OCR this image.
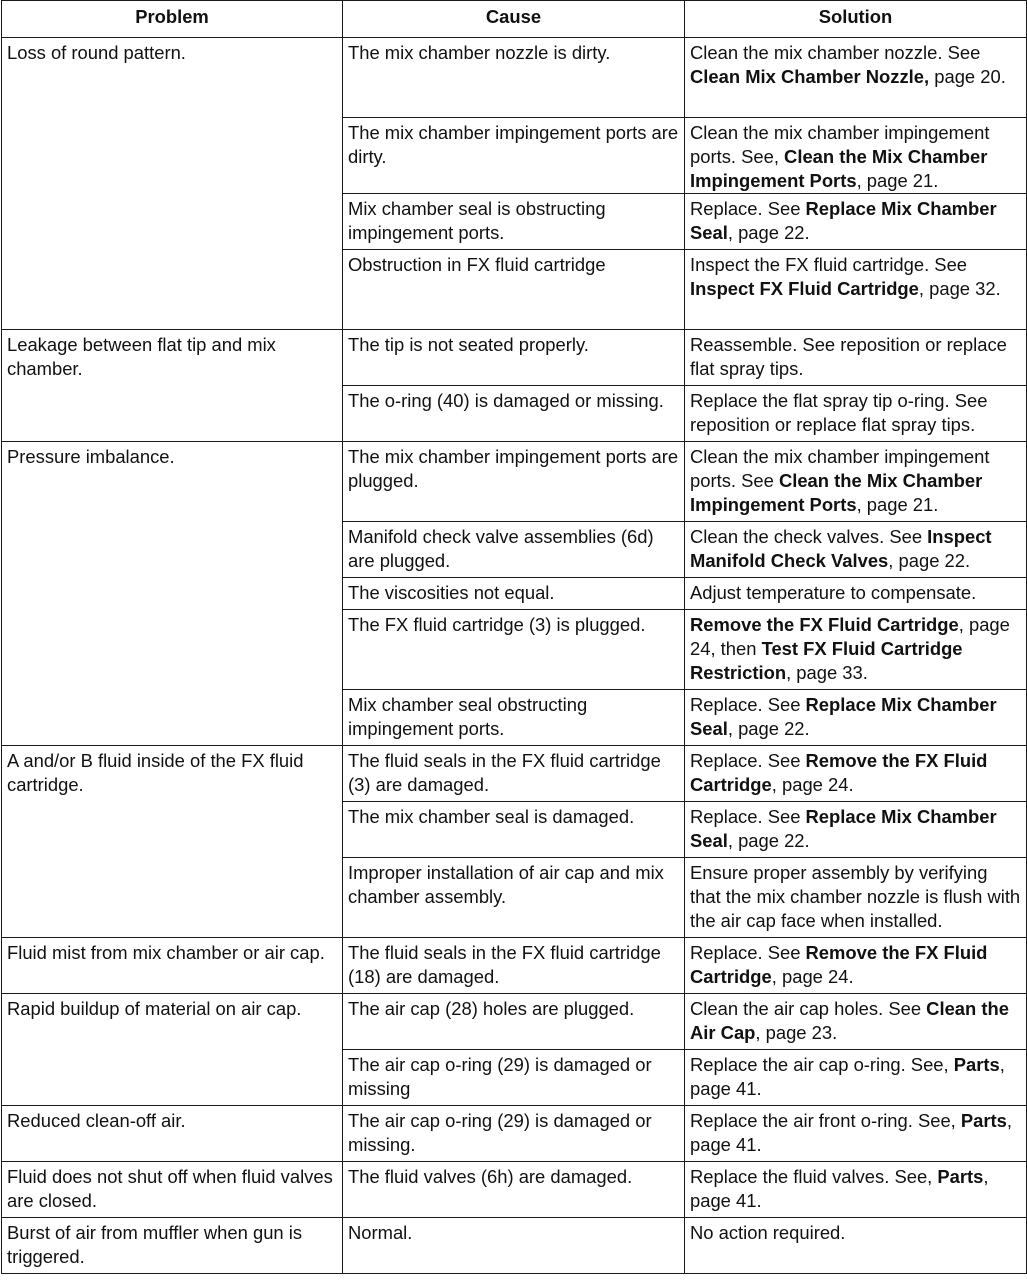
Problem	Cause	Solution
Loss of round pattern.	The mix chamber nozzle is dirty.	Clean the mix chamber nozzle. See Clean Mix Chamber Nozzle, page 20.
	The mix chamber impingement ports are dirty.	Clean the mix chamber impingement ports. See, Clean the Mix Chamber Impingement Ports, page 21.
	Mix chamber seal is obstructing impingement ports.	Replace. See Replace Mix Chamber Seal, page 22.
	Obstruction in FX fluid cartridge	Inspect the FX fluid cartridge. See Inspect FX Fluid Cartridge, page 32.
Leakage between flat tip and mix chamber.	The tip is not seated properly.	Reassemble. See reposition or replace flat spray tips.
	The o-ring (40) is damaged or missing.	Replace the flat spray tip o-ring. See reposition or replace flat spray tips.
Pressure imbalance.	The mix chamber impingement ports are plugged.	Clean the mix chamber impingement ports. See Clean the Mix Chamber Impingement Ports, page 21.
	Manifold check valve assemblies (6d) are plugged.	Clean the check valves. See Inspect Manifold Check Valves, page 22.
	The viscosities not equal.	Adjust temperature to compensate.
	The FX fluid cartridge (3) is plugged.	Remove the FX Fluid Cartridge, page 24, then Test FX Fluid Cartridge Restriction, page 33.
	Mix chamber seal obstructing impingement ports.	Replace. See Replace Mix Chamber Seal, page 22.
A and/or B fluid inside of the FX fluid cartridge.	The fluid seals in the FX fluid cartridge (3) are damaged.	Replace. See Remove the FX Fluid Cartridge, page 24.
	The mix chamber seal is damaged.	Replace. See Replace Mix Chamber Seal, page 22.
	Improper installation of air cap and mix chamber assembly.	Ensure proper assembly by verifying that the mix chamber nozzle is flush with the air cap face when installed.
Fluid mist from mix chamber or air cap.	The fluid seals in the FX fluid cartridge (18) are damaged.	Replace. See Remove the FX Fluid Cartridge, page 24.
Rapid buildup of material on air cap.	The air cap (28) holes are plugged.	Clean the air cap holes. See Clean the Air Cap, page 23.
	The air cap o-ring (29) is damaged or missing	Replace the air cap o-ring. See, Parts, page 41.
Reduced clean-off air.	The air cap o-ring (29) is damaged or missing.	Replace the air front o-ring. See, Parts, page 41.
Fluid does not shut off when fluid valves are closed.	The fluid valves (6h) are damaged.	Replace the fluid valves. See, Parts, page 41.
Burst of air from muffler when gun is triggered.	Normal.	No action required.
